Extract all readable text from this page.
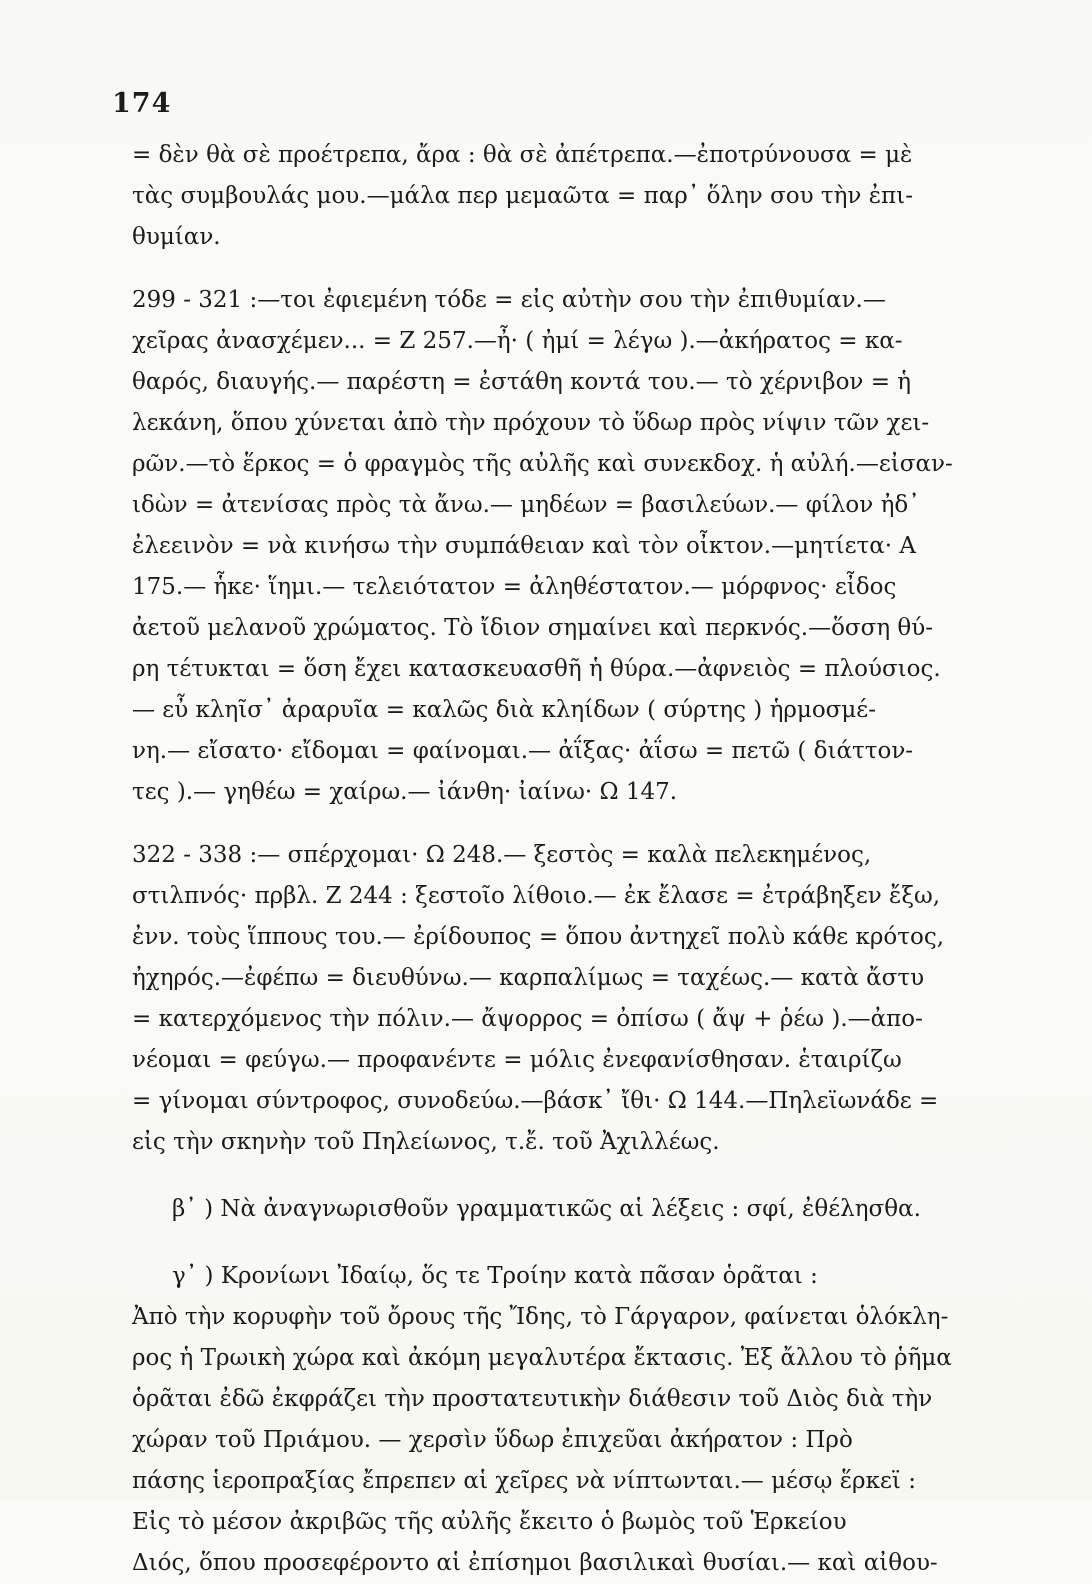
174
= δὲν θὰ σὲ προέτρεπα, ἄρα : θὰ σὲ ἀπέτρεπα.—ἐποτρύνουσα = μὲ
τὰς συμβουλάς μου.—μάλα περ μεμαῶτα = παρ᾽ ὅλην σου τὴν ἐπι-
θυμίαν.
299 - 321 :—τοι ἐφιεμένη τόδε = εἰς αὐτὴν σου τὴν ἐπιθυμίαν.—
χεῖρας ἀνασχέμεν... = Ζ 257.—ἦ· ( ἠμί = λέγω ).—ἀκήρατος = κα-
θαρός, διαυγής.— παρέστη = ἐστάθη κοντά του.— τὸ χέρνιβον = ἡ
λεκάνη, ὅπου χύνεται ἀπὸ τὴν πρόχουν τὸ ὕδωρ πρὸς νίψιν τῶν χει-
ρῶν.—τὸ ἕρκος = ὁ φραγμὸς τῆς αὐλῆς καὶ συνεκδοχ. ἡ αὐλή.—εἰσαν-
ιδὼν = ἀτενίσας πρὸς τὰ ἄνω.— μηδέων = βασιλεύων.— φίλον ἠδ᾽
ἐλεεινὸν = νὰ κινήσω τὴν συμπάθειαν καὶ τὸν οἶκτον.—μητίετα· Α
175.— ἧκε· ἵημι.— τελειότατον = ἀληθέστατον.— μόρφνος· εἶδος
ἀετοῦ μελανοῦ χρώματος. Τὸ ἴδιον σημαίνει καὶ περκνός.—ὅσση θύ-
ρη τέτυκται = ὅση ἔχει κατασκευασθῆ ἡ θύρα.—ἀφνειὸς = πλούσιος.
— εὖ κληῖσ᾽ ἀραρυῖα = καλῶς διὰ κληίδων ( σύρτης ) ἡρμοσμέ-
νη.— εἴσατο· εἴδομαι = φαίνομαι.— ἀΐξας· ἀΐσω = πετῶ ( διάττον-
τες ).— γηθέω = χαίρω.— ἰάνθη· ἰαίνω· Ω 147.
322 - 338 :— σπέρχομαι· Ω 248.— ξεστὸς = καλὰ πελεκημένος,
στιλπνός· πρβλ. Ζ 244 : ξεστοῖο λίθοιο.— ἐκ ἔλασε = ἐτράβηξεν ἔξω,
ἐνν. τοὺς ἵππους του.— ἐρίδουπος = ὅπου ἀντηχεῖ πολὺ κάθε κρότος,
ἠχηρός.—ἐφέπω = διευθύνω.— καρπαλίμως = ταχέως.— κατὰ ἄστυ
= κατερχόμενος τὴν πόλιν.— ἄψορρος = ὀπίσω ( ἄψ + ῥέω ).—ἀπο-
νέομαι = φεύγω.— προφανέντε = μόλις ἐνεφανίσθησαν. ἑταιρίζω
= γίνομαι σύντροφος, συνοδεύω.—βάσκ᾽ ἴθι· Ω 144.—Πηλεϊωνάδε =
εἰς τὴν σκηνὴν τοῦ Πηλείωνος, τ.ἔ. τοῦ Ἀχιλλέως.
β᾽ ) Νὰ ἀναγνωρισθοῦν γραμματικῶς αἱ λέξεις : σφί, ἐθέλησθα.
γ᾽ ) Κρονίωνι Ἰδαίῳ, ὅς τε Τροίην κατὰ πᾶσαν ὁρᾶται :
Ἀπὸ τὴν κορυφὴν τοῦ ὄρους τῆς Ἴδης, τὸ Γάργαρον, φαίνεται ὁλόκλη-
ρος ἡ Τρωικὴ χώρα καὶ ἀκόμη μεγαλυτέρα ἔκτασις. Ἐξ ἄλλου τὸ ῥῆμα
ὁρᾶται ἐδῶ ἐκφράζει τὴν προστατευτικὴν διάθεσιν τοῦ Διὸς διὰ τὴν
χώραν τοῦ Πριάμου. — χερσὶν ὕδωρ ἐπιχεῦαι ἀκήρατον : Πρὸ
πάσης ἱεροπραξίας ἔπρεπεν αἱ χεῖρες νὰ νίπτωνται.— μέσῳ ἕρκεϊ :
Εἰς τὸ μέσον ἀκριβῶς τῆς αὐλῆς ἔκειτο ὁ βωμὸς τοῦ Ἑρκείου
Διός, ὅπου προσεφέροντο αἱ ἐπίσημοι βασιλικαὶ θυσίαι.— καὶ αἰθου-
